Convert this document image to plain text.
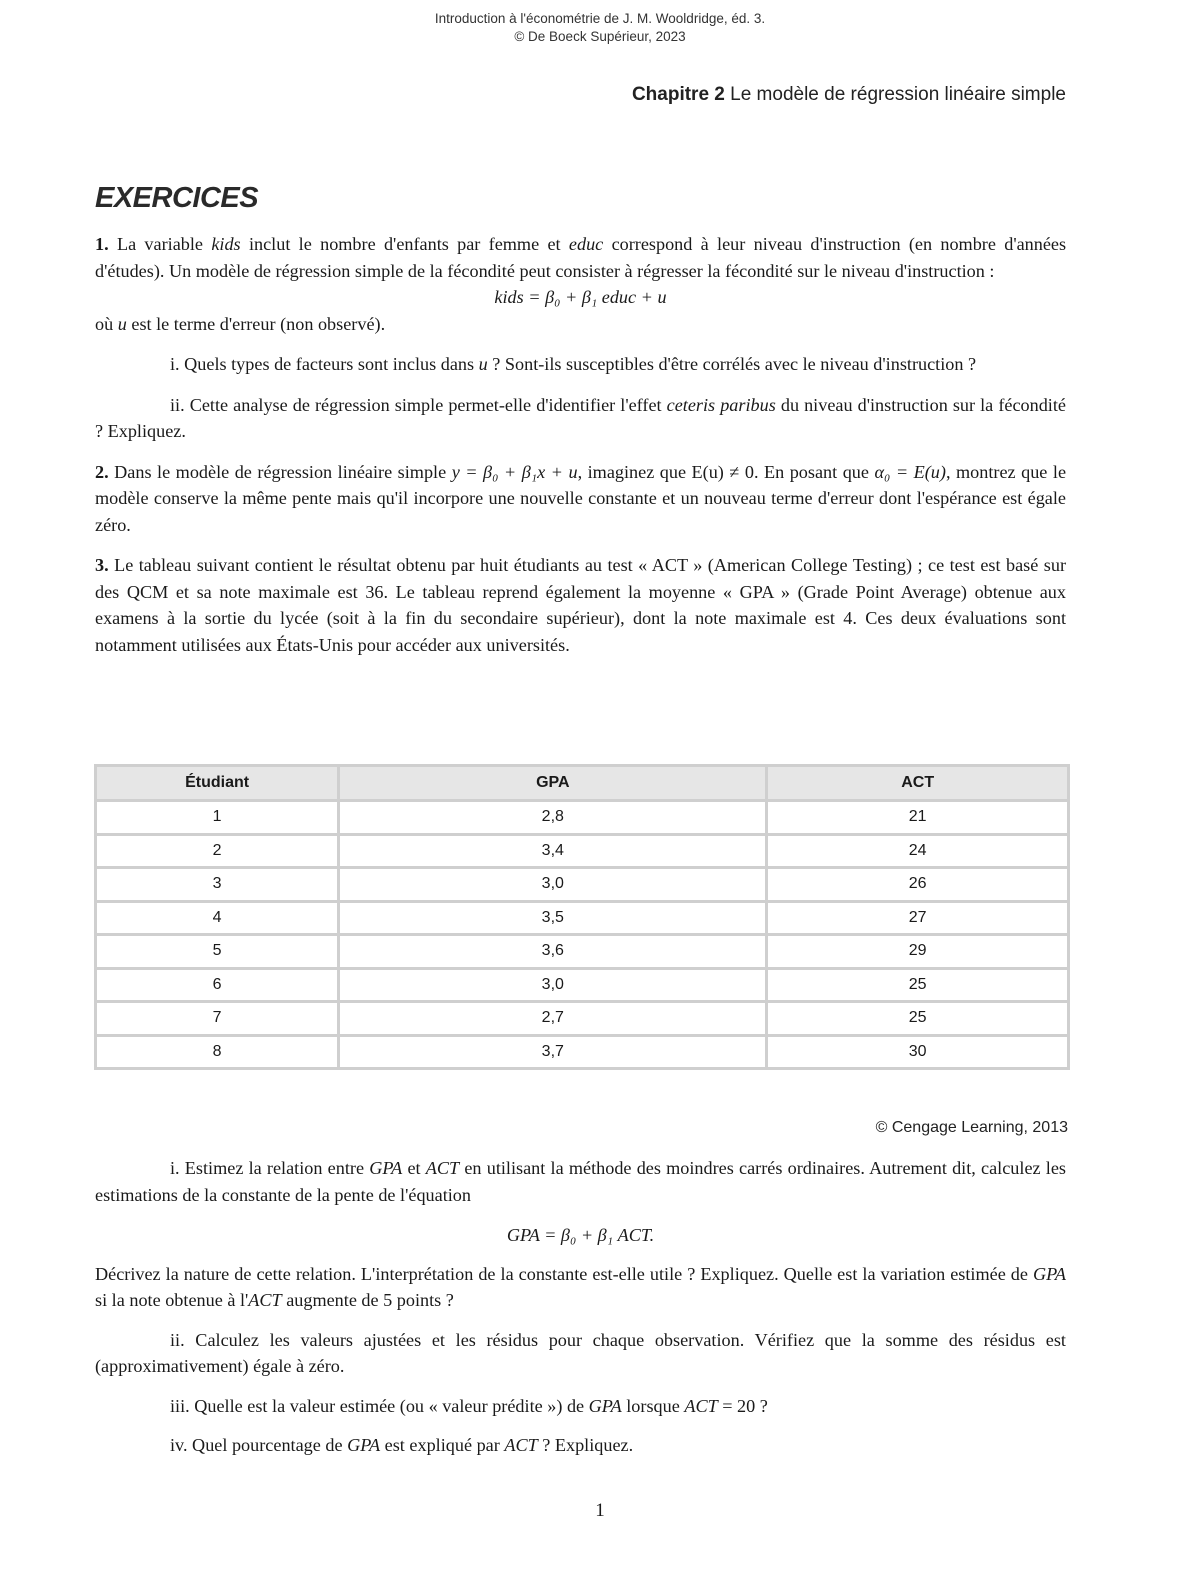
Introduction à l'économétrie de J. M. Wooldridge, éd. 3.
© De Boeck Supérieur, 2023
Chapitre 2 Le modèle de régression linéaire simple
EXERCICES

1. La variable kids inclut le nombre d'enfants par femme et educ correspond à leur niveau d'instruction (en nombre d'années d'études). Un modèle de régression simple de la fécondité peut consister à régresser la fécondité sur le niveau d'instruction :

kids = β₀ + β₁ educ + u

où u est le terme d'erreur (non observé).

i. Quels types de facteurs sont inclus dans u ? Sont-ils susceptibles d'être corrélés avec le niveau d'instruction ?

ii. Cette analyse de régression simple permet-elle d'identifier l'effet ceteris paribus du niveau d'instruction sur la fécondité ? Expliquez.

2. Dans le modèle de régression linéaire simple y = β₀ + β₁x + u, imaginez que E(u) ≠ 0. En posant que α₀ = E(u), montrez que le modèle conserve la même pente mais qu'il incorpore une nouvelle constante et un nouveau terme d'erreur dont l'espérance est égale zéro.

3. Le tableau suivant contient le résultat obtenu par huit étudiants au test « ACT » (American College Testing) ; ce test est basé sur des QCM et sa note maximale est 36. Le tableau reprend également la moyenne « GPA » (Grade Point Average) obtenue aux examens à la sortie du lycée (soit à la fin du secondaire supérieur), dont la note maximale est 4. Ces deux évaluations sont notamment utilisées aux États-Unis pour accéder aux universités.

Étudiant	GPA	ACT
1	2,8	21
2	3,4	24
3	3,0	26
4	3,5	27
5	3,6	29
6	3,0	25
7	2,7	25
8	3,7	30
© Cengage Learning, 2013

i. Estimez la relation entre GPA et ACT en utilisant la méthode des moindres carrés ordinaires. Autrement dit, calculez les estimations de la constante de la pente de l'équation

GPA = β₀ + β₁ ACT.

Décrivez la nature de cette relation. L'interprétation de la constante est-elle utile ? Expliquez. Quelle est la variation estimée de GPA si la note obtenue à l'ACT augmente de 5 points ?

ii. Calculez les valeurs ajustées et les résidus pour chaque observation. Vérifiez que la somme des résidus est (approximativement) égale à zéro.

iii. Quelle est la valeur estimée (ou « valeur prédite ») de GPA lorsque ACT = 20 ?

iv. Quel pourcentage de GPA est expliqué par ACT ? Expliquez.

1
